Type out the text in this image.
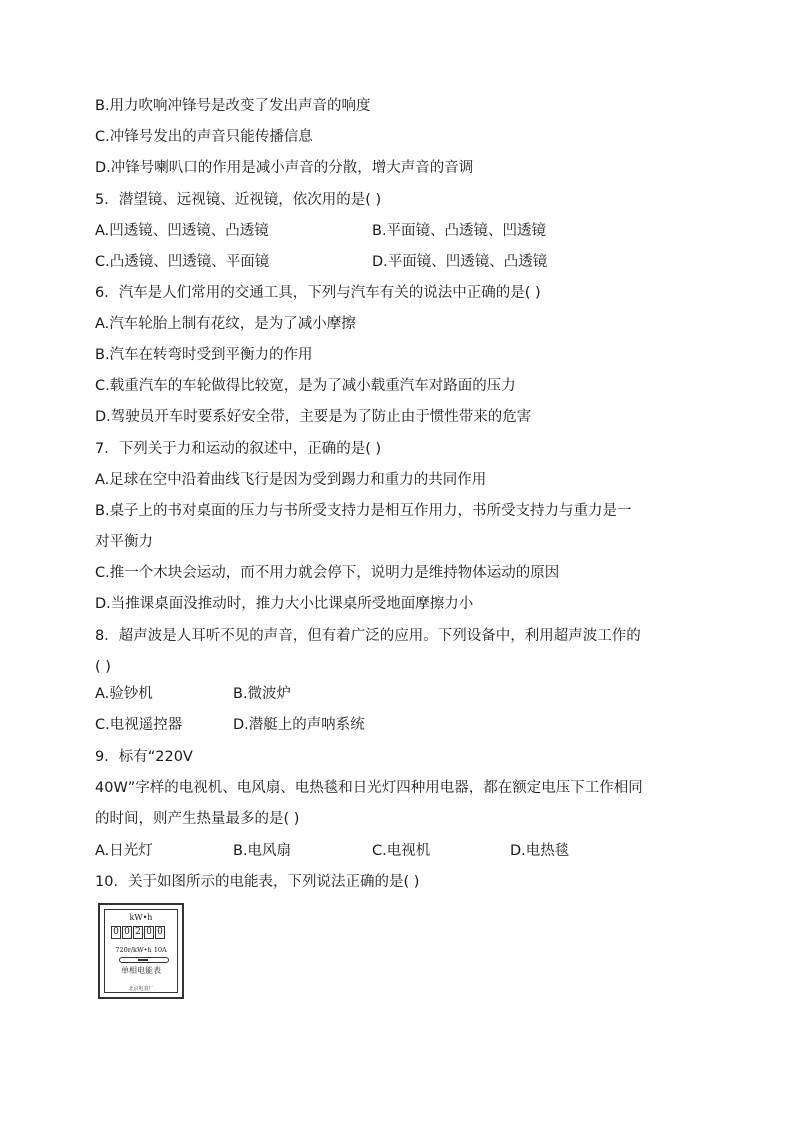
B.用力吹响冲锋号是改变了发出声音的响度
C.冲锋号发出的声音只能传播信息
D.冲锋号喇叭口的作用是减小声音的分散，增大声音的音调
5．潜望镜、远视镜、近视镜，依次用的是( )
A.凹透镜、凹透镜、凸透镜	B.平面镜、凸透镜、凹透镜
C.凸透镜、凹透镜、平面镜	D.平面镜、凹透镜、凸透镜
6．汽车是人们常用的交通工具，下列与汽车有关的说法中正确的是( )
A.汽车轮胎上制有花纹，是为了减小摩擦
B.汽车在转弯时受到平衡力的作用
C.载重汽车的车轮做得比较宽，是为了减小载重汽车对路面的压力
D.驾驶员开车时要系好安全带，主要是为了防止由于惯性带来的危害
7．下列关于力和运动的叙述中，正确的是( )
A.足球在空中沿着曲线飞行是因为受到踢力和重力的共同作用
B.桌子上的书对桌面的压力与书所受支持力是相互作用力，书所受支持力与重力是一
对平衡力
C.推一个木块会运动，而不用力就会停下，说明力是维持物体运动的原因
D.当推课桌面没推动时，推力大小比课桌所受地面摩擦力小
8．超声波是人耳听不见的声音，但有着广泛的应用。下列设备中，利用超声波工作的
( )
A.验钞机	B.微波炉
C.电视遥控器	D.潜艇上的声呐系统
9．标有“220V
40W”字样的电视机、电风扇、电热毯和日光灯四种用电器，都在额定电压下工作相同
的时间，则产生热量最多的是( )
A.日光灯	B.电风扇	C.电视机	D.电热毯
10．关于如图所示的电能表，下列说法正确的是( )
kW•h
0 0 2 0 0
720r/kW•h 10A
单相电能表
北京电表厂
